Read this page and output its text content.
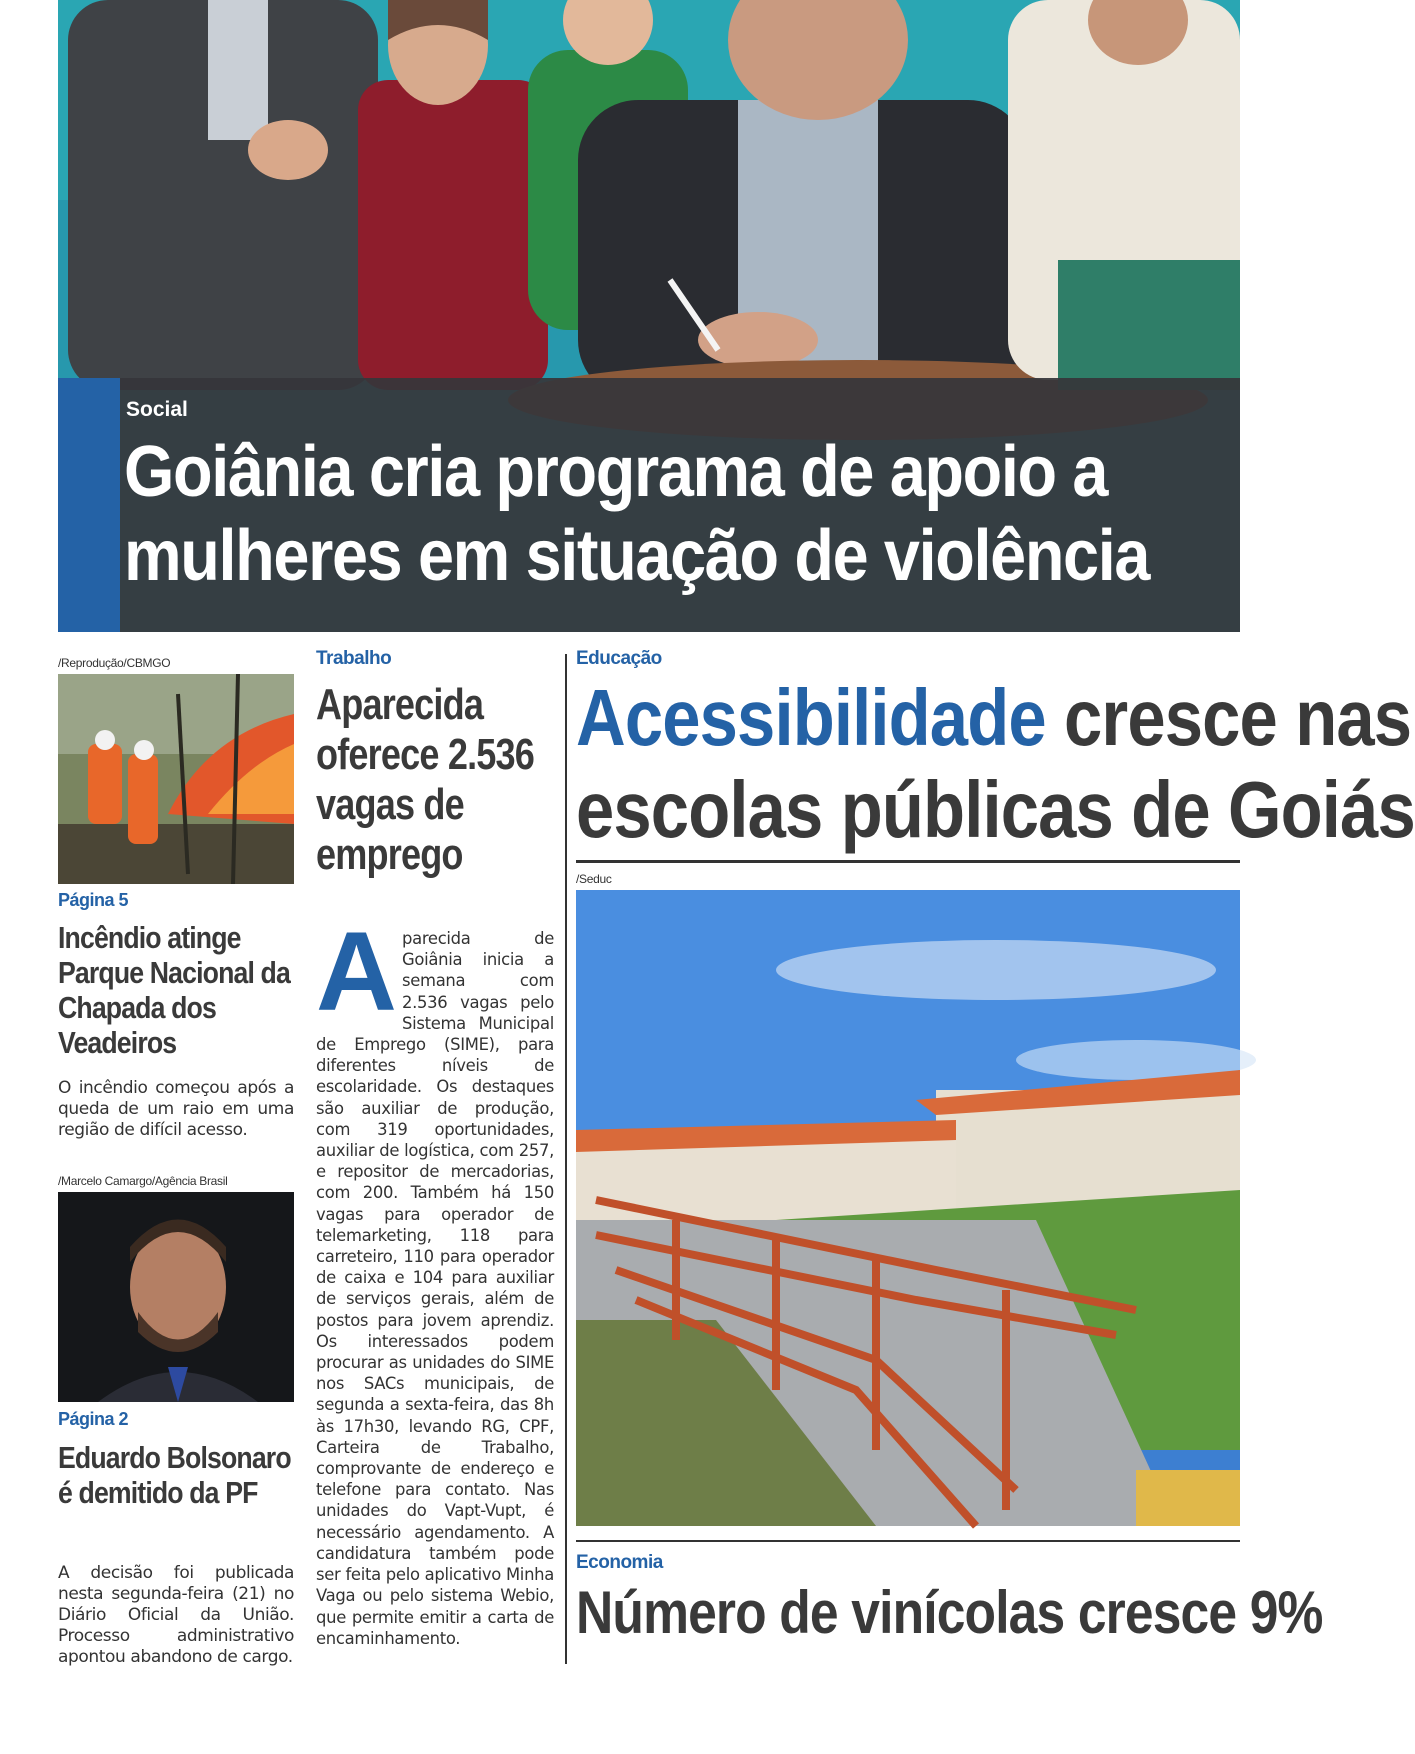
Social
Goiânia cria programa de apoio a
mulheres em situação de violência
/Reprodução/CBMGO
Página 5
Incêndio atinge Parque Nacional da Chapada dos Veadeiros
O incêndio começou após a queda de um raio em uma região de difícil acesso.
/Marcelo Camargo/Agência Brasil
Página 2
Eduardo Bolsonaro é demitido da PF
A decisão foi publicada nesta segunda-feira (21) no Diário Oficial da União. Processo administrativo apontou abandono de cargo.
Trabalho
Aparecida oferece 2.536 vagas de emprego
A parecida de Goiânia inicia a semana com 2.536 vagas pelo Sistema Municipal de Emprego (SIME), para diferentes níveis de escolaridade. Os destaques são auxiliar de produção, com 319 oportunidades, auxiliar de logística, com 257, e repositor de mercadorias, com 200. Também há 150 vagas para operador de telemarketing, 118 para carreteiro, 110 para operador de caixa e 104 para auxiliar de serviços gerais, além de postos para jovem aprendiz. Os interessados podem procurar as unidades do SIME nos SACs municipais, de segunda a sexta-feira, das 8h às 17h30, levando RG, CPF, Carteira de Trabalho, comprovante de endereço e telefone para contato. Nas unidades do Vapt-Vupt, é necessário agendamento. A candidatura também pode ser feita pelo aplicativo Minha Vaga ou pelo sistema Webio, que permite emitir a carta de encaminhamento.
Educação
Acessibilidade cresce nas
escolas públicas de Goiás
/Seduc
Economia
Número de vinícolas cresce 9%
